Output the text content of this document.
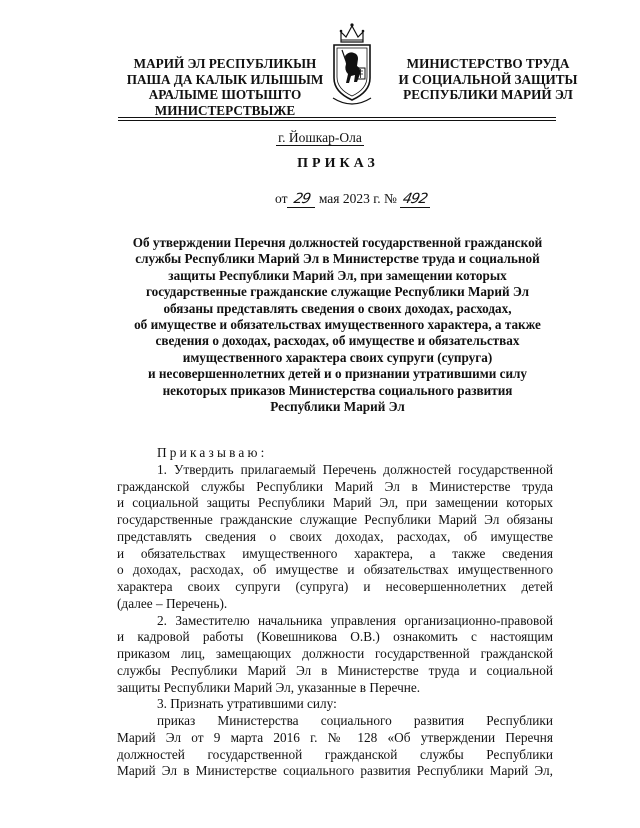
МАРИЙ ЭЛ РЕСПУБЛИКЫН
ПАША ДА КАЛЫК ИЛЫШЫМ
АРАЛЫМЕ ШОТЫШТО
МИНИСТЕРСТВЫЖЕ
МИНИСТЕРСТВО ТРУДА
И СОЦИАЛЬНОЙ ЗАЩИТЫ
РЕСПУБЛИКИ МАРИЙ ЭЛ
г. Йошкар-Ола
ПРИКАЗ
от 29 мая 2023 г. № 492
Об утверждении Перечня должностей государственной гражданской
службы Республики Марий Эл в Министерстве труда и социальной
защиты Республики Марий Эл, при замещении которых
государственные гражданские служащие Республики Марий Эл
обязаны представлять сведения о своих доходах, расходах,
об имуществе и обязательствах имущественного характера, а также
сведения о доходах, расходах, об имуществе и обязательствах
имущественного характера своих супруги (супруга)
и несовершеннолетних детей и о признании утратившими силу
некоторых приказов Министерства социального развития
Республики Марий Эл
Приказываю:
1. Утвердить прилагаемый Перечень должностей государственной
гражданской службы Республики Марий Эл в Министерстве труда
и социальной защиты Республики Марий Эл, при замещении которых
государственные гражданские служащие Республики Марий Эл обязаны
представлять сведения о своих доходах, расходах, об имуществе
и обязательствах имущественного характера, а также сведения
о доходах, расходах, об имуществе и обязательствах имущественного
характера своих супруги (супруга) и несовершеннолетних детей
(далее – Перечень).
2. Заместителю начальника управления организационно-правовой
и кадровой работы (Ковешникова О.В.) ознакомить с настоящим
приказом лиц, замещающих должности государственной гражданской
службы Республики Марий Эл в Министерстве труда и социальной
защиты Республики Марий Эл, указанные в Перечне.
3. Признать утратившими силу:
приказ Министерства социального развития Республики
Марий Эл от 9 марта 2016 г. № 128 «Об утверждении Перечня
должностей государственной гражданской службы Республики
Марий Эл в Министерстве социального развития Республики Марий Эл,
